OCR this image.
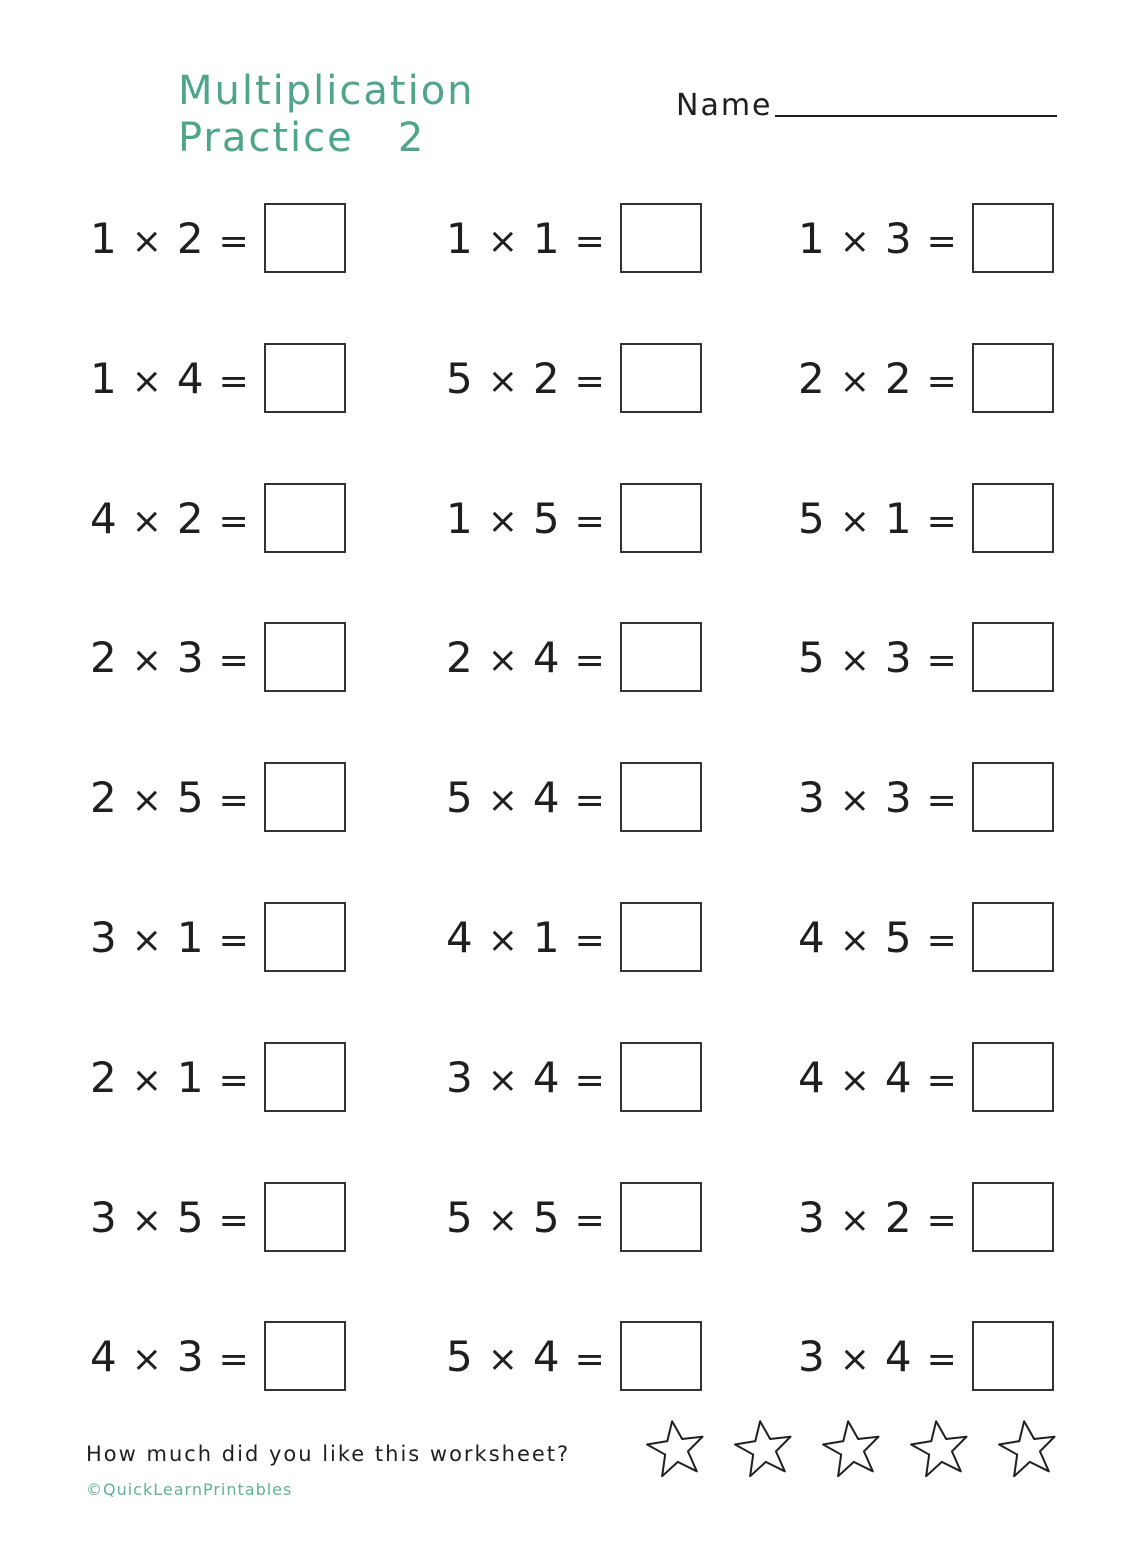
Multiplication
Practice   2
Name
1 × 2 =	1 × 1 =	1 × 3 =
1 × 4 =	5 × 2 =	2 × 2 =
4 × 2 =	1 × 5 =	5 × 1 =
2 × 3 =	2 × 4 =	5 × 3 =
2 × 5 =	5 × 4 =	3 × 3 =
3 × 1 =	4 × 1 =	4 × 5 =
2 × 1 =	3 × 4 =	4 × 4 =
3 × 5 =	5 × 5 =	3 × 2 =
4 × 3 =	5 × 4 =	3 × 4 =
How much did you like this worksheet?
©QuickLearnPrintables
